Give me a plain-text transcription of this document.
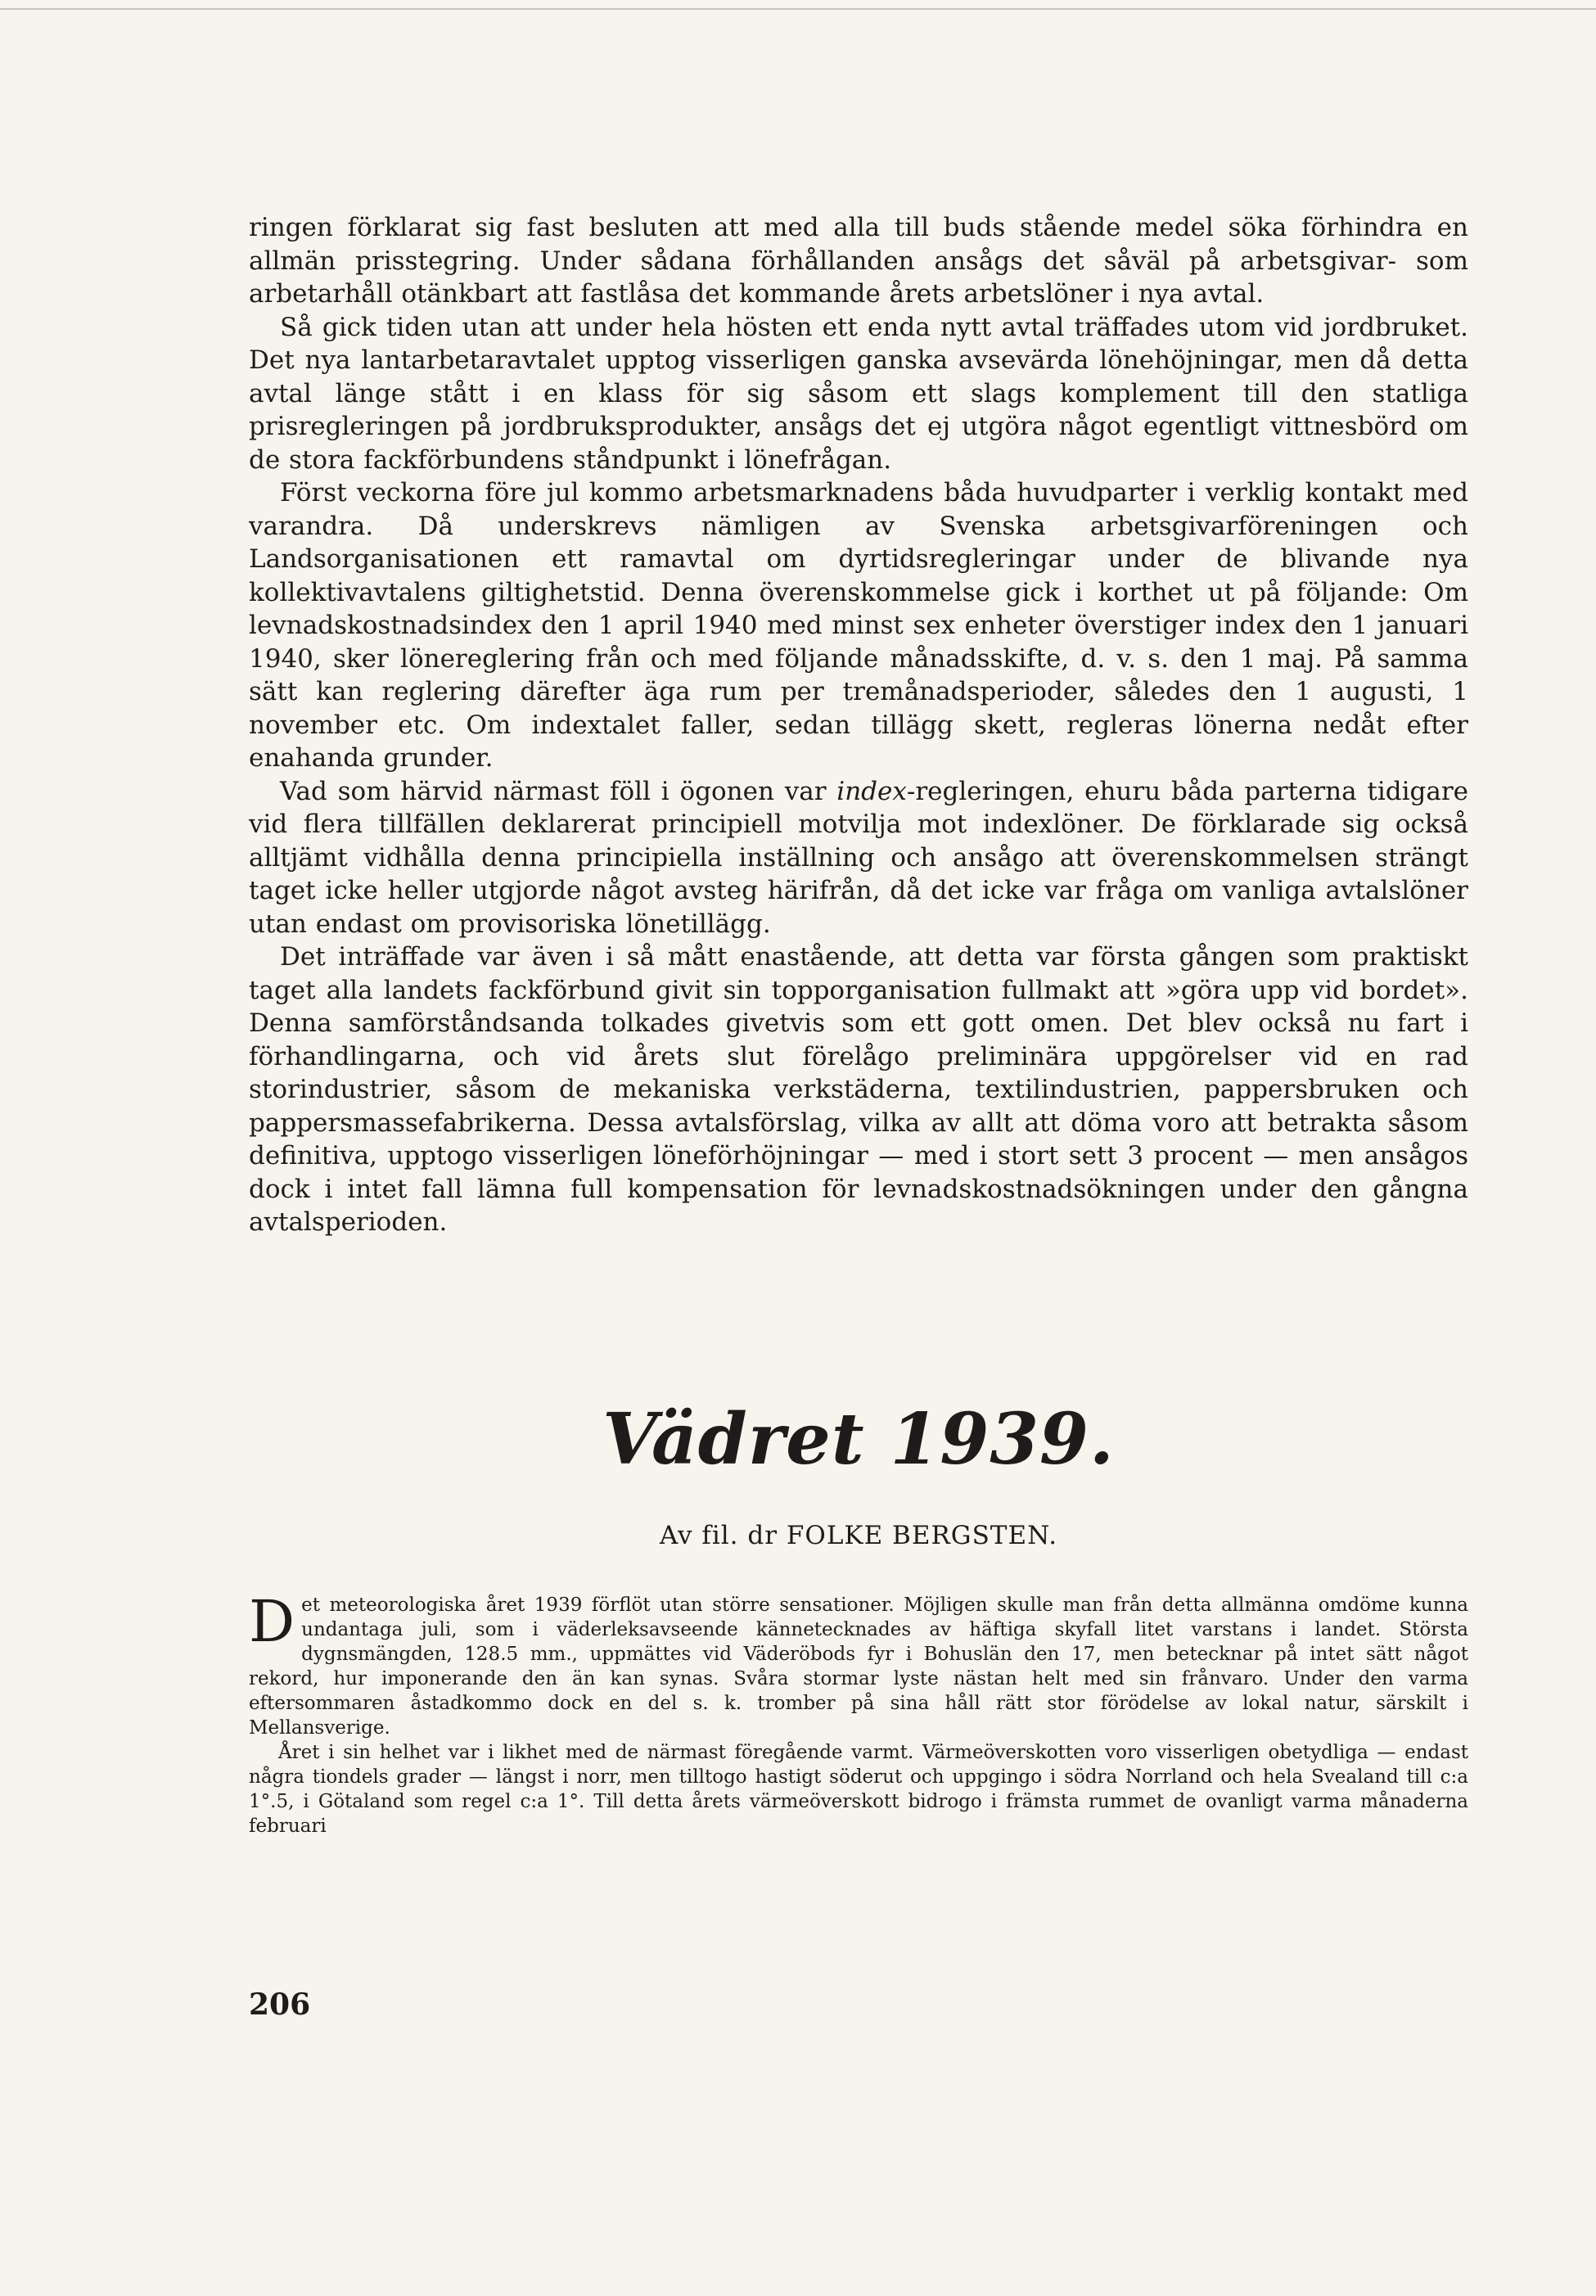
ringen förklarat sig fast besluten att med alla till buds stående medel söka förhindra en allmän prisstegring. Under sådana förhållanden ansågs det såväl på arbetsgivar- som arbetarhåll otänkbart att fastlåsa det kommande årets arbetslöner i nya avtal.

Så gick tiden utan att under hela hösten ett enda nytt avtal träffades utom vid jordbruket. Det nya lantarbetaravtalet upptog visserligen ganska avsevärda lönehöjningar, men då detta avtal länge stått i en klass för sig såsom ett slags komplement till den statliga prisregleringen på jordbruksprodukter, ansågs det ej utgöra något egentligt vittnesbörd om de stora fackförbundens ståndpunkt i lönefrågan.

Först veckorna före jul kommo arbetsmarknadens båda huvudparter i verklig kontakt med varandra. Då underskrevs nämligen av Svenska arbetsgivarföreningen och Landsorganisationen ett ramavtal om dyrtidsregleringar under de blivande nya kollektivavtalens giltighetstid. Denna överenskommelse gick i korthet ut på följande: Om levnadskostnadsindex den 1 april 1940 med minst sex enheter överstiger index den 1 januari 1940, sker lönereglering från och med följande månadsskifte, d. v. s. den 1 maj. På samma sätt kan reglering därefter äga rum per tremånadsperioder, således den 1 augusti, 1 november etc. Om indextalet faller, sedan tillägg skett, regleras lönerna nedåt efter enahanda grunder.

Vad som härvid närmast föll i ögonen var index-regleringen, ehuru båda parterna tidigare vid flera tillfällen deklarerat principiell motvilja mot indexlöner. De förklarade sig också alltjämt vidhålla denna principiella inställning och ansågo att överenskommelsen strängt taget icke heller utgjorde något avsteg härifrån, då det icke var fråga om vanliga avtalslöner utan endast om provisoriska lönetillägg.

Det inträffade var även i så mått enastående, att detta var första gången som praktiskt taget alla landets fackförbund givit sin topporganisation fullmakt att »göra upp vid bordet». Denna samförståndsanda tolkades givetvis som ett gott omen. Det blev också nu fart i förhandlingarna, och vid årets slut förelågo preliminära uppgörelser vid en rad storindustrier, såsom de mekaniska verkstäderna, textilindustrien, pappersbruken och pappersmassefabrikerna. Dessa avtalsförslag, vilka av allt att döma voro att betrakta såsom definitiva, upptogo visserligen löneförhöjningar — med i stort sett 3 procent — men ansågos dock i intet fall lämna full kompensation för levnadskostnadsökningen under den gångna avtalsperioden.

Vädret 1939.

Av fil. dr FOLKE BERGSTEN.

Det meteorologiska året 1939 förflöt utan större sensationer. Möjligen skulle man från detta allmänna omdöme kunna undantaga juli, som i väderleksavseende kännetecknades av häftiga skyfall litet varstans i landet. Största dygnsmängden, 128.5 mm., uppmättes vid Väderöbods fyr i Bohuslän den 17, men betecknar på intet sätt något rekord, hur imponerande den än kan synas. Svåra stormar lyste nästan helt med sin frånvaro. Under den varma eftersommaren åstadkommo dock en del s. k. tromber på sina håll rätt stor förödelse av lokal natur, särskilt i Mellansverige.

Året i sin helhet var i likhet med de närmast föregående varmt. Värmeöverskotten voro visserligen obetydliga — endast några tiondels grader — längst i norr, men tilltogo hastigt söderut och uppgingo i södra Norrland och hela Svealand till c:a 1°.5, i Götaland som regel c:a 1°. Till detta årets värmeöverskott bidrogo i främsta rummet de ovanligt varma månaderna februari

206
